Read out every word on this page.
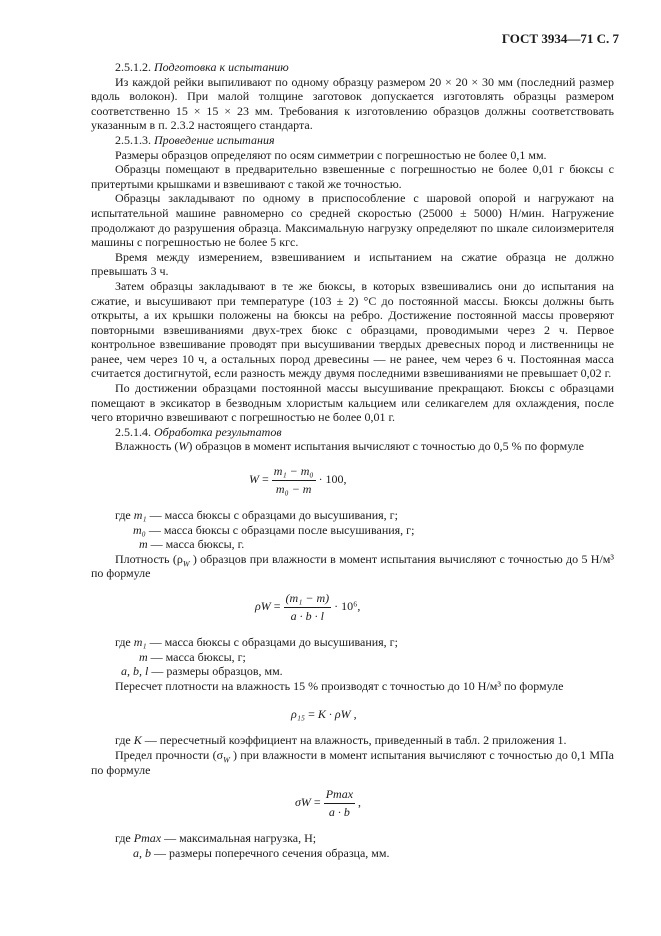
ГОСТ 3934—71 С. 7

2.5.1.2. Подготовка к испытанию

Из каждой рейки выпиливают по одному образцу размером 20 × 20 × 30 мм (последний размер вдоль волокон). При малой толщине заготовок допускается изготовлять образцы размером соответственно 15 × 15 × 23 мм. Требования к изготовлению образцов должны соответствовать указанным в п. 2.3.2 настоящего стандарта.

2.5.1.3. Проведение испытания

Размеры образцов определяют по осям симметрии с погрешностью не более 0,1 мм.

Образцы помещают в предварительно взвешенные с погрешностью не более 0,01 г бюксы с притертыми крышками и взвешивают с такой же точностью.

Образцы закладывают по одному в приспособление с шаровой опорой и нагружают на испытательной машине равномерно со средней скоростью (25000 ± 5000) Н/мин. Нагружение продолжают до разрушения образца. Максимальную нагрузку определяют по шкале силоизмерителя машины с погрешностью не более 5 кгс.

Время между измерением, взвешиванием и испытанием на сжатие образца не должно превышать 3 ч.

Затем образцы закладывают в те же бюксы, в которых взвешивались они до испытания на сжатие, и высушивают при температуре (103 ± 2) °С до постоянной массы. Бюксы должны быть открыты, а их крышки положены на бюксы на ребро. Достижение постоянной массы проверяют повторными взвешиваниями двух-трех бюкс с образцами, проводимыми через 2 ч. Первое контрольное взвешивание проводят при высушивании твердых древесных пород и лиственницы не ранее, чем через 10 ч, а остальных пород древесины — не ранее, чем через 6 ч. Постоянная масса считается достигнутой, если разность между двумя последними взвешиваниями не превышает 0,02 г.

По достижении образцами постоянной массы высушивание прекращают. Бюксы с образцами помещают в эксикатор в безводным хлористым кальцием или селикагелем для охлаждения, после чего вторично взвешивают с погрешностью не более 0,01 г.

2.5.1.4. Обработка результатов

Влажность (W) образцов в момент испытания вычисляют с точностью до 0,5 % по формуле

$W = \frac{\text{m₁ − m₀}}{\text{m₀ − m}} \cdot 100$,

где m₁ — масса бюксы с образцами до высушивания, г;

m₀ — масса бюксы с образцами после высушивания, г;

m — масса бюксы, г.

Плотность ($\rho_W$ ) образцов при влажности в момент испытания вычисляют с точностью до 5 Н/м³ по формуле

$\rho W = \frac{\text{(m₁ − m)}}{a \cdot b \cdot l} \cdot 10^6$,

где m₁ — масса бюксы с образцами до высушивания, г;

m — масса бюксы, г;

a, b, l — размеры образцов, мм.

Пересчет плотности на влажность 15 % производят с точностью до 10 Н/м³ по формуле

ρ₁₅ = K · ρW ,

где K — пересчетный коэффициент на влажность, приведенный в табл. 2 приложения 1.

Предел прочности ($\sigma_W$ ) при влажности в момент испытания вычисляют с точностью до 0,1 МПа по формуле

σW =
Pmax
a · b
,

где Pmax — максимальная нагрузка, Н;

a, b — размеры поперечного сечения образца, мм.
